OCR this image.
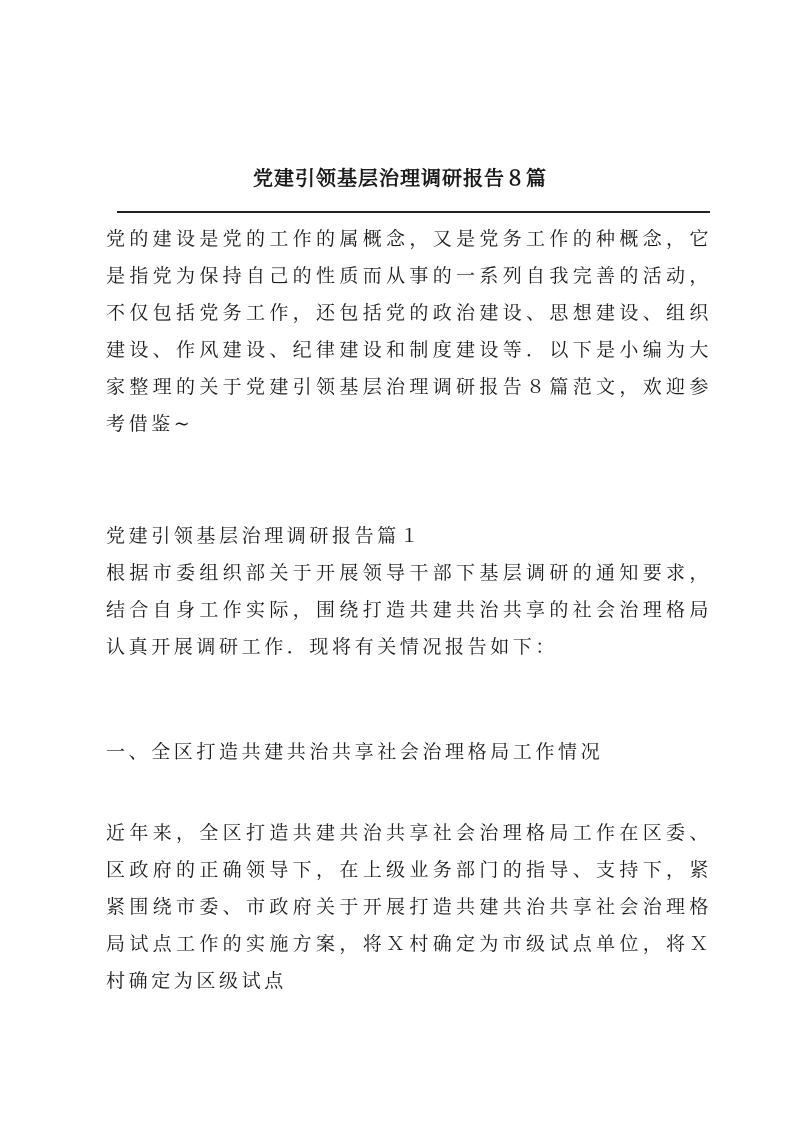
党建引领基层治理调研报告８篇

党的建设是党的工作的属概念，又是党务工作的种概念，它是指党为保持自己的性质而从事的一系列自我完善的活动，不仅包括党务工作，还包括党的政治建设、思想建设、组织建设、作风建设、纪律建设和制度建设等．以下是小编为大家整理的关于党建引领基层治理调研报告８篇范文，欢迎参考借鉴~

党建引领基层治理调研报告篇１

根据市委组织部关于开展领导干部下基层调研的通知要求，结合自身工作实际，围绕打造共建共治共享的社会治理格局认真开展调研工作．现将有关情况报告如下：

一、全区打造共建共治共享社会治理格局工作情况

近年来，全区打造共建共治共享社会治理格局工作在区委、区政府的正确领导下，在上级业务部门的指导、支持下，紧紧围绕市委、市政府关于开展打造共建共治共享社会治理格局试点工作的实施方案，将Ｘ村确定为市级试点单位，将Ｘ村确定为区级试点
